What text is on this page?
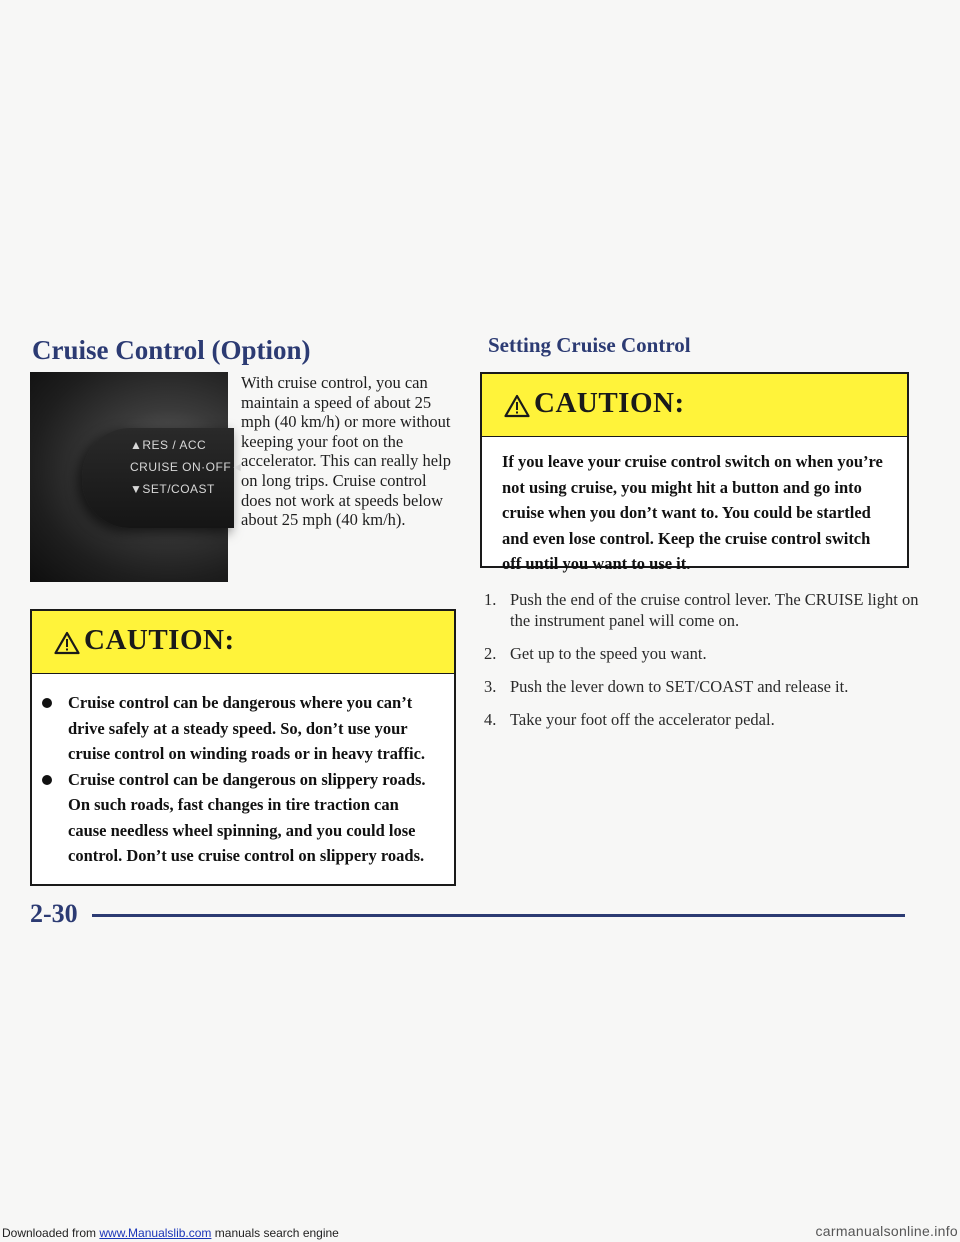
Cruise Control (Option)
▲RES / ACC
CRUISE ON·OFF◄
▼SET/COAST

With cruise control, you can maintain a speed of about 25 mph (40 km/h) or more without keeping your foot on the accelerator. This can really help on long trips. Cruise control does not work at speeds below about 25 mph (40 km/h).

CAUTION:
Cruise control can be dangerous where you can’t drive safely at a steady speed. So, don’t use your cruise control on winding roads or in heavy traffic.
Cruise control can be dangerous on slippery roads. On such roads, fast changes in tire traction can cause needless wheel spinning, and you could lose control. Don’t use cruise control on slippery roads.
Setting Cruise Control
CAUTION:
If you leave your cruise control switch on when you’re not using cruise, you might hit a button and go into cruise when you don’t want to. You could be startled and even lose control. Keep the cruise control switch off until you want to use it.
1. Push the end of the cruise control lever. The CRUISE light on the instrument panel will come on.
2. Get up to the speed you want.
3. Push the lever down to SET/COAST and release it.
4. Take your foot off the accelerator pedal.
2-30
Downloaded from www.Manualslib.com manuals search engine	carmanualsonline.info
